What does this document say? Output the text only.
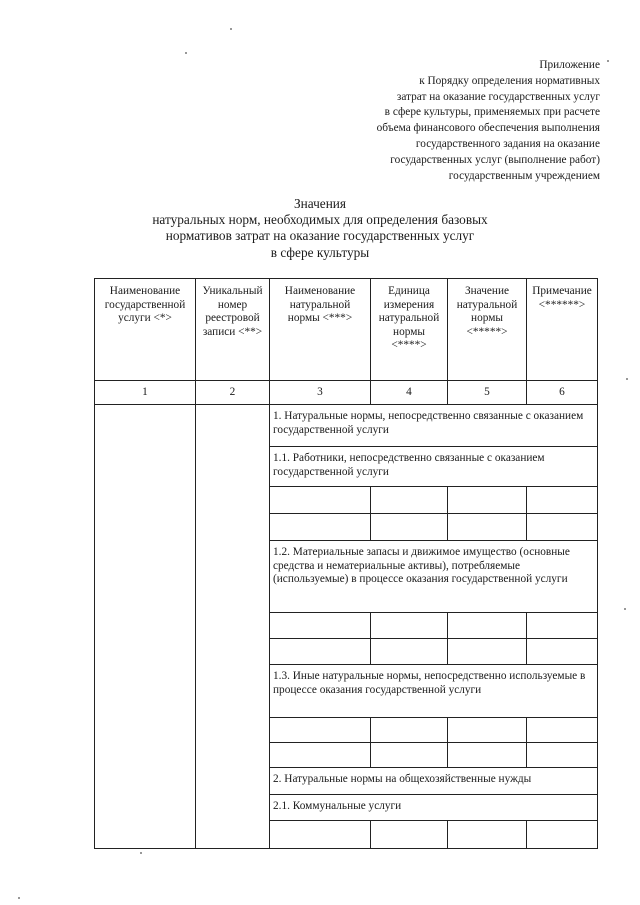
Приложение
к Порядку определения нормативных
затрат на оказание государственных услуг
в сфере культуры, применяемых при расчете
объема финансового обеспечения выполнения
государственного задания на оказание
государственных услуг (выполнение работ)
государственным учреждением
Значения
натуральных норм, необходимых для определения базовых
нормативов затрат на оказание государственных услуг
в сфере культуры
Наименование государственной услуги <*>	Уникальный номер реестровой записи <**>	Наименование натуральной нормы <***>	Единица измерения натуральной нормы <****>	Значение натуральной нормы <*****>	Примечание <******>
1	2	3	4	5	6
		1. Натуральные нормы, непосредственно связанные с оказанием государственной услуги			
		1.1. Работники, непосредственно связанные с оказанием государственной услуги			

		1.2. Материальные запасы и движимое имущество (основные средства и нематериальные активы), потребляемые (используемые) в процессе оказания государственной услуги			

		1.3. Иные натуральные нормы, непосредственно используемые в процессе оказания государственной услуги			

		2. Натуральные нормы на общехозяйственные нужды			
		2.1. Коммунальные услуги			
